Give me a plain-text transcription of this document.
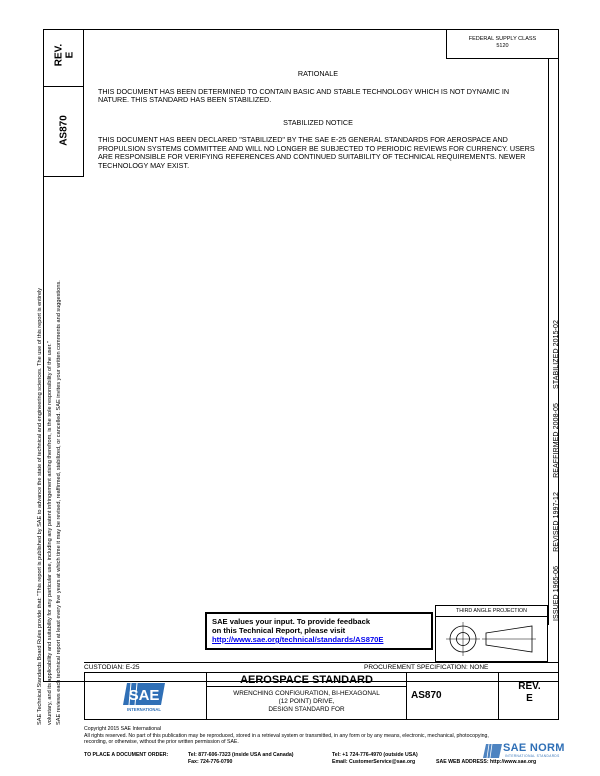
SAE Technical Standards Board Rules provide that: "This report is published by SAE to advance the state of technical and engineering sciences. The use of this report is entirely voluntary, and its applicability and suitability for any particular use, including any patent infringement arising therefrom, is the sole responsibility of the user." SAE reviews each technical report at least every five years at which time it may be revised, reaffirmed, stabilized, or cancelled. SAE invites your written comments and suggestions.
REV. E
AS870
FEDERAL SUPPLY CLASS
5120
ISSUED 1965-06 REVISED 1997-12 REAFFIRMED 2008-05 STABILIZED 2015-02
RATIONALE
THIS DOCUMENT HAS BEEN DETERMINED TO CONTAIN BASIC AND STABLE TECHNOLOGY WHICH IS NOT DYNAMIC IN NATURE. THIS STANDARD HAS BEEN STABILIZED.
STABILIZED NOTICE
THIS DOCUMENT HAS BEEN DECLARED "STABILIZED" BY THE SAE E-25 GENERAL STANDARDS FOR AEROSPACE AND PROPULSION SYSTEMS COMMITTEE AND WILL NO LONGER BE SUBJECTED TO PERIODIC REVIEWS FOR CURRENCY. USERS ARE RESPONSIBLE FOR VERIFYING REFERENCES AND CONTINUED SUITABILITY OF TECHNICAL REQUIREMENTS. NEWER TECHNOLOGY MAY EXIST.
SAE values your input. To provide feedback
on this Technical Report, please visit
http://www.sae.org/technical/standards/AS870E
THIRD ANGLE PROJECTION
CUSTODIAN: E-25	PROCUREMENT SPECIFICATION: NONE
SAE
INTERNATIONAL
AEROSPACE STANDARD
WRENCHING CONFIGURATION, BI-HEXAGONAL
(12 POINT) DRIVE,
DESIGN STANDARD FOR
AS870
REV.
E
Copyright 2015 SAE International
All rights reserved. No part of this publication may be reproduced, stored in a retrieval system or transmitted, in any form or by any means, electronic, mechanical, photocopying,
recording, or otherwise, without the prior written permission of SAE.
TO PLACE A DOCUMENT ORDER:	Tel: 877-606-7323 (inside USA and Canada)	Tel: +1 724-776-4970 (outside USA)
Fax: 724-776-0790	Email: CustomerService@sae.org	SAE WEB ADDRESS: http://www.sae.org
SAE NORM
INTERNATIONAL STANDARDS
